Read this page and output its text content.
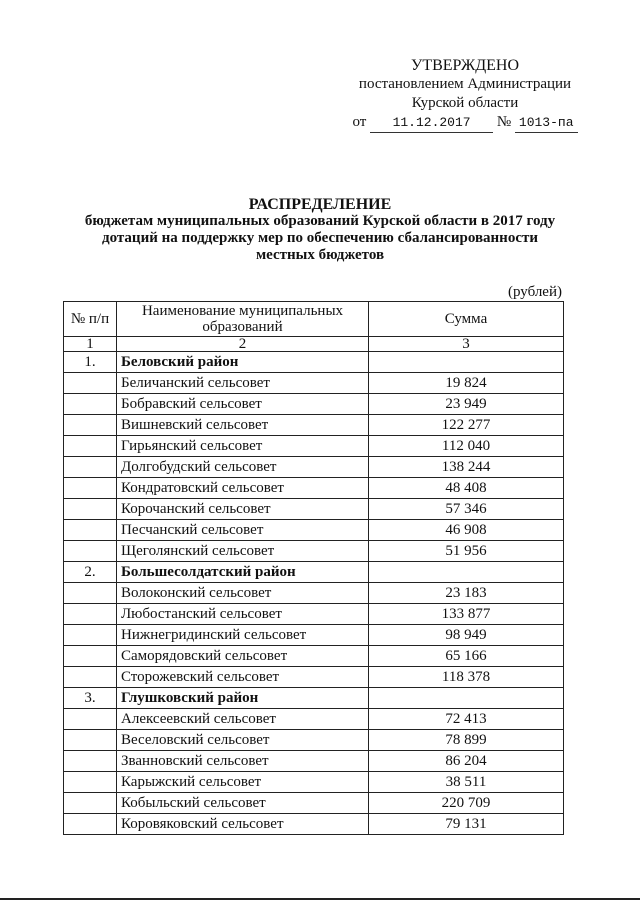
УТВЕРЖДЕНО
постановлением Администрации
Курской области
от 11.12.2017 № 1013-па
РАСПРЕДЕЛЕНИЕ
бюджетам муниципальных образований Курской области в 2017 году
дотаций на поддержку мер по обеспечению сбалансированности
местных бюджетов
(рублей)
№ п/п	Наименование муниципальных образований	Сумма
1	2	3
1.	Беловский район	
	Беличанский сельсовет	19 824
	Бобравский сельсовет	23 949
	Вишневский сельсовет	122 277
	Гирьянский сельсовет	112 040
	Долгобудский сельсовет	138 244
	Кондратовский сельсовет	48 408
	Корочанский сельсовет	57 346
	Песчанский сельсовет	46 908
	Щеголянский сельсовет	51 956
2.	Большесолдатский район	
	Волоконский сельсовет	23 183
	Любостанский сельсовет	133 877
	Нижнегридинский сельсовет	98 949
	Саморядовский сельсовет	65 166
	Сторожевский сельсовет	118 378
3.	Глушковский район	
	Алексеевский сельсовет	72 413
	Веселовский сельсовет	78 899
	Званновский сельсовет	86 204
	Карыжский сельсовет	38 511
	Кобыльский сельсовет	220 709
	Коровяковский сельсовет	79 131
